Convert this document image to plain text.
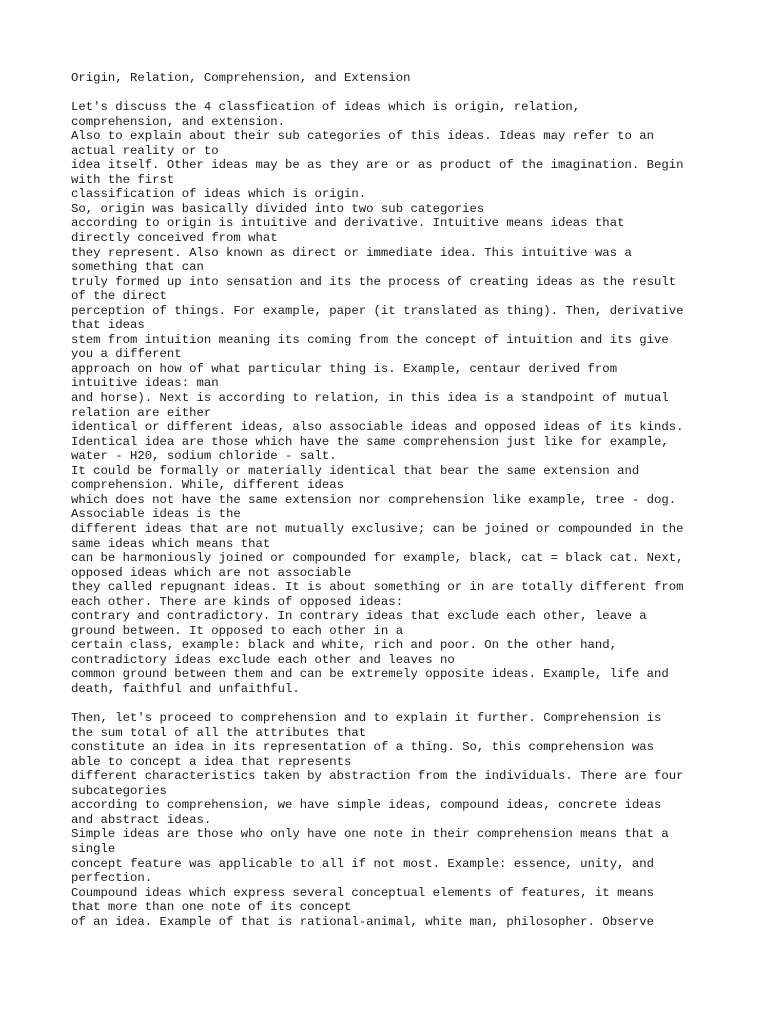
Origin, Relation, Comprehension, and Extension
Let's discuss the 4 classfication of ideas which is origin, relation,
comprehension, and extension.
Also to explain about their sub categories of this ideas. Ideas may refer to an
actual reality or to
idea itself. Other ideas may be as they are or as product of the imagination. Begin
with the first
classification of ideas which is origin.
So, origin was basically divided into two sub categories
according to origin is intuitive and derivative. Intuitive means ideas that
directly conceived from what
they represent. Also known as direct or immediate idea. This intuitive was a
something that can
truly formed up into sensation and its the process of creating ideas as the result
of the direct
perception of things. For example, paper (it translated as thing). Then, derivative
that ideas
stem from intuition meaning its coming from the concept of intuition and its give
you a different
approach on how of what particular thing is. Example, centaur derived from
intuitive ideas: man
and horse). Next is according to relation, in this idea is a standpoint of mutual
relation are either
identical or different ideas, also associable ideas and opposed ideas of its kinds.
Identical idea are those which have the same comprehension just like for example,
water - H20, sodium chloride - salt.
It could be formally or materially identical that bear the same extension and
comprehension. While, different ideas
which does not have the same extension nor comprehension like example, tree - dog.
Associable ideas is the
different ideas that are not mutually exclusive; can be joined or compounded in the
same ideas which means that
can be harmoniously joined or compounded for example, black, cat = black cat. Next,
opposed ideas which are not associable
they called repugnant ideas. It is about something or in are totally different from
each other. There are kinds of opposed ideas:
contrary and contradictory. In contrary ideas that exclude each other, leave a
ground between. It opposed to each other in a
certain class, example: black and white, rich and poor. On the other hand,
contradictory ideas exclude each other and leaves no
common ground between them and can be extremely opposite ideas. Example, life and
death, faithful and unfaithful.
Then, let's proceed to comprehension and to explain it further. Comprehension is
the sum total of all the attributes that
constitute an idea in its representation of a thing. So, this comprehension was
able to concept a idea that represents
different characteristics taken by abstraction from the individuals. There are four
subcategories
according to comprehension, we have simple ideas, compound ideas, concrete ideas
and abstract ideas.
Simple ideas are those who only have one note in their comprehension means that a
single
concept feature was applicable to all if not most. Example: essence, unity, and
perfection.
Coumpound ideas which express several conceptual elements of features, it means
that more than one note of its concept
of an idea. Example of that is rational-animal, white man, philosopher. Observe
